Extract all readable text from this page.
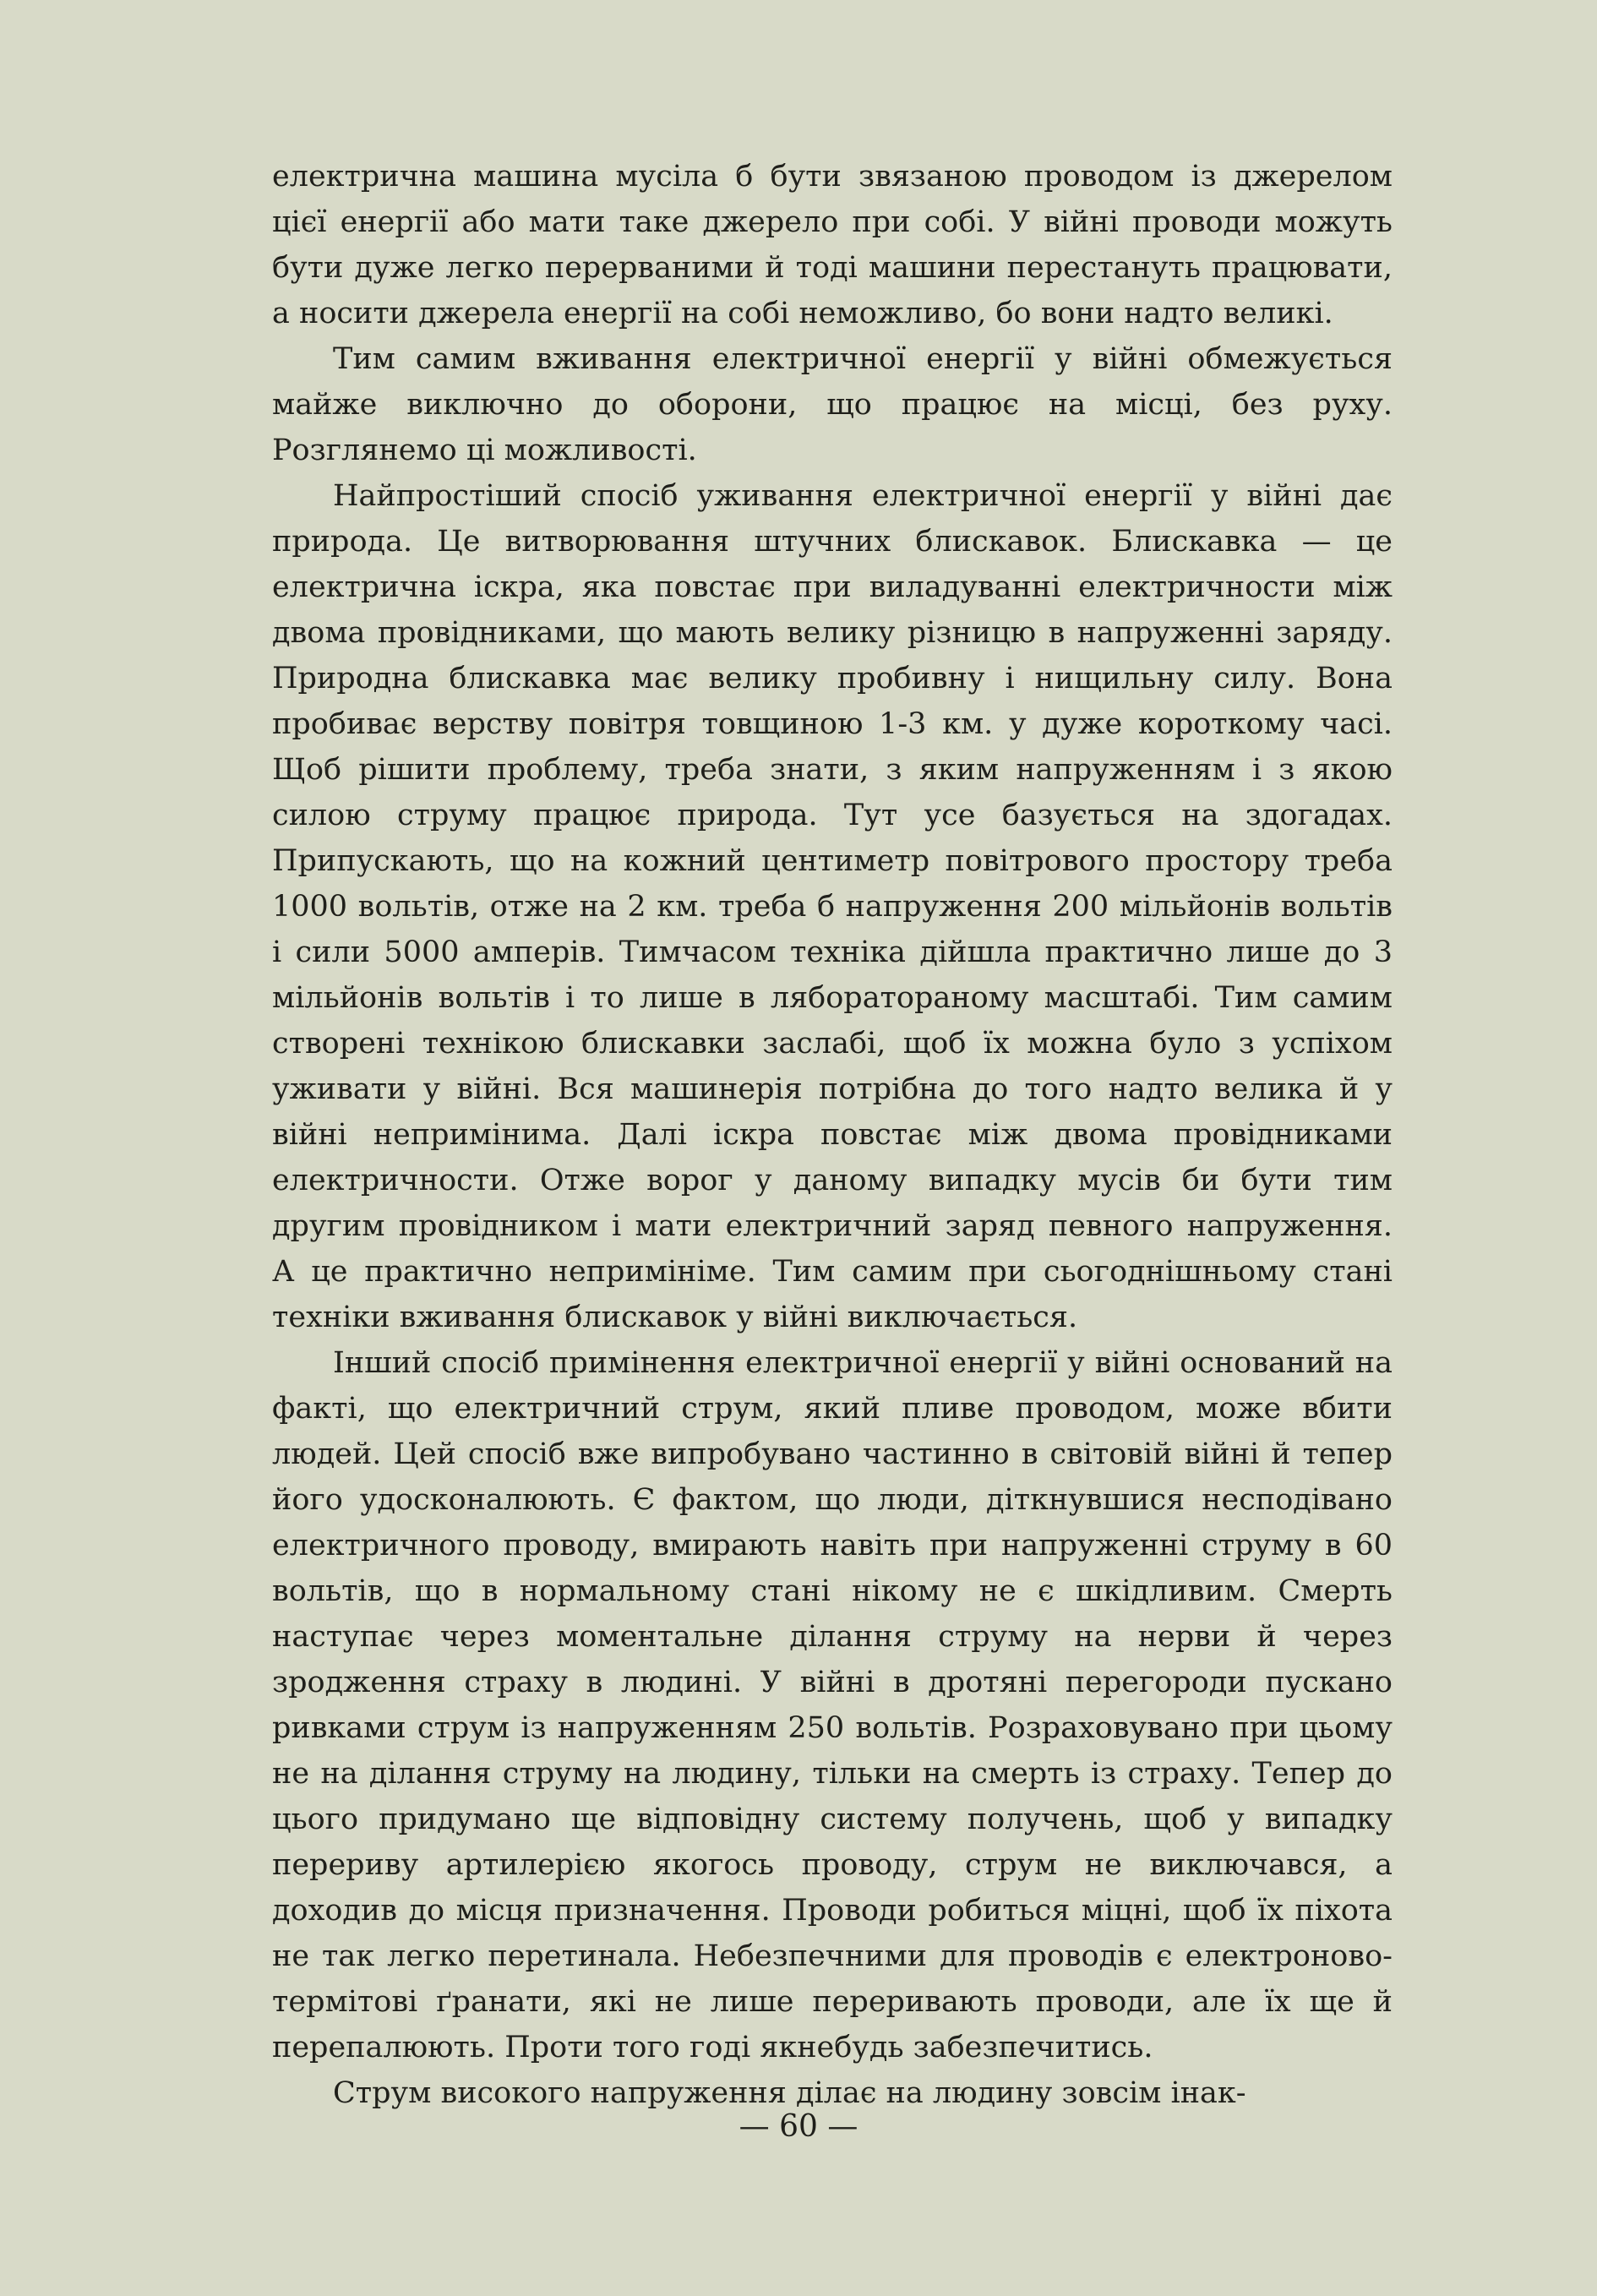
електрична машина мусіла б бути звязаною проводом із джерелом цієї енергії або мати таке джерело при собі. У війні проводи можуть бути дуже легко перерваними й тоді машини перестануть працювати, а носити джерела енергії на собі неможливо, бо вони надто великі.

Тим самим вживання електричної енергії у війні обмежується майже виключно до оборони, що працює на місці, без руху. Розглянемо ці можливості.

Найпростіший спосіб уживання електричної енергії у війні дає природа. Це витворювання штучних блискавок. Блискавка — це електрична іскра, яка повстає при виладуванні електричности між двома провідниками, що мають велику різницю в напруженні заряду. Природна блискавка має велику пробивну і нищильну силу. Вона пробиває верству повітря товщиною 1-3 км. у дуже короткому часі. Щоб рішити проблему, треба знати, з яким напруженням і з якою силою струму працює природа. Тут усе базується на здогадах. Припускають, що на кожний центиметр повітрового простору треба 1000 вольтів, отже на 2 км. треба б напруження 200 мільйонів вольтів і сили 5000 амперів. Тимчасом техніка дійшла практично лише до 3 мільйонів вольтів і то лише в ляборатораному масштабі. Тим самим створені технікою блискавки заслабі, щоб їх можна було з успіхом уживати у війні. Вся машинерія потрібна до того надто велика й у війні непримінима. Далі іскра повстає між двома провідниками електричности. Отже ворог у даному випадку мусів би бути тим другим провідником і мати електричний заряд певного напруження. А це практично непримініме. Тим самим при сьогоднішньому стані техніки вживання блискавок у війні виключається.

Інший спосіб примінення електричної енергії у війні оснований на факті, що електричний струм, який пливе проводом, може вбити людей. Цей спосіб вже випробувано частинно в світовій війні й тепер його удосконалюють. Є фактом, що люди, діткнувшися несподівано електричного проводу, вмирають навіть при напруженні струму в 60 вольтів, що в нормальному стані нікому не є шкідливим. Смерть наступає через моментальне ділання струму на нерви й через зродження страху в людині. У війні в дротяні перегороди пускано ривками струм із напруженням 250 вольтів. Розраховувано при цьому не на ділання струму на людину, тільки на смерть із страху. Тепер до цього придумано ще відповідну систему получень, щоб у випадку перериву артилерією якогось проводу, струм не виключався, а доходив до місця призначення. Проводи робиться міцні, щоб їх піхота не так легко перетинала. Небезпечними для проводів є електроново-термітові ґранати, які не лише переривають проводи, але їх ще й перепалюють. Проти того годі якнебудь забезпечитись.

Струм високого напруження ділає на людину зовсім інак-

— 60 —
